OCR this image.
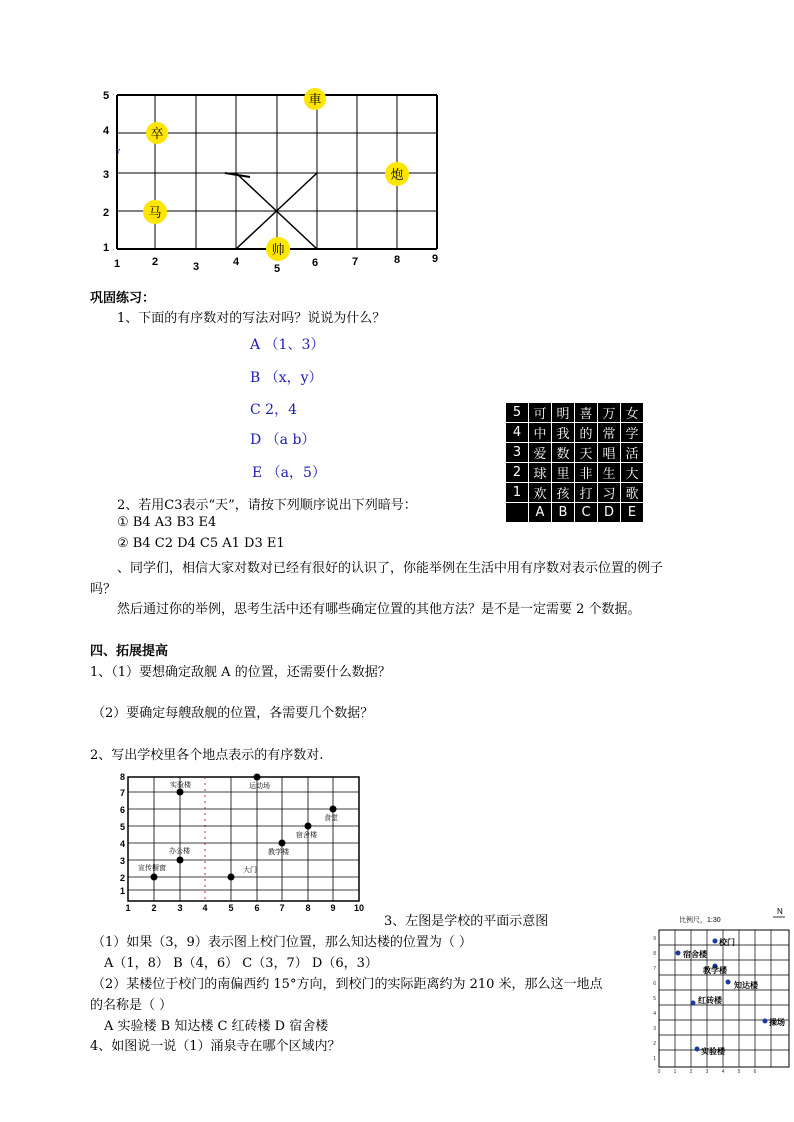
1	2	3	4
5	6	7	8	9
1
2
3
4
5
7
卒
車
炮
马
帅
巩固练习：
1、下面的有序数对的写法对吗？说说为什么？
A （1、3）
B （x，y）
C 2，4
D （a b）
E （a，5）
5	可	明	喜	万	女
4	中	我	的	常	学
3	爱	数	天	唱	活
2	球	里	非	生	大
1	欢	孩	打	习	歌
	A	B	C	D	E
2、若用C3表示“天”，请按下列顺序说出下列暗号：
① B4 A3 B3 E4
② B4 C2 D4 C5 A1 D3 E1
、同学们，相信大家对数对已经有很好的认识了，你能举例在生活中用有序数对表示位置的例子
吗？
然后通过你的举例，思考生活中还有哪些确定位置的其他方法？是不是一定需要 2 个数据。
四、拓展提高
1、（1）要想确定敌舰 A 的位置，还需要什么数据？
（2）要确定每艘敌舰的位置，各需要几个数据？
2、写出学校里各个地点表示的有序数对.
实验楼	运动场
食堂
宿舍楼
办公楼	教学楼
宣传橱窗	大门
8
7
6
5
4
3
2
1
1 2 3 4 5 6 7 8 9 10
3、左图是学校的平面示意图
（1）如果（3，9）表示图上校门位置，那么知达楼的位置为（ ）
A（1，8） B（4，6） C（3，7） D（6，3）
（2）某楼位于校门的南偏西约 15°方向，到校门的实际距离约为 210 米，那么这一地点
的名称是（ ）
A 实验楼 B 知达楼 C 红砖楼 D 宿舍楼
4、如图说一说（1）涌泉寺在哪个区域内？
比例尺，1:30
N
校门
宿舍楼
教学楼
知达楼
红砖楼
操场
实验楼
9
8
7
6
5
4
3
2
1
0	1	2	3	4	5	6
